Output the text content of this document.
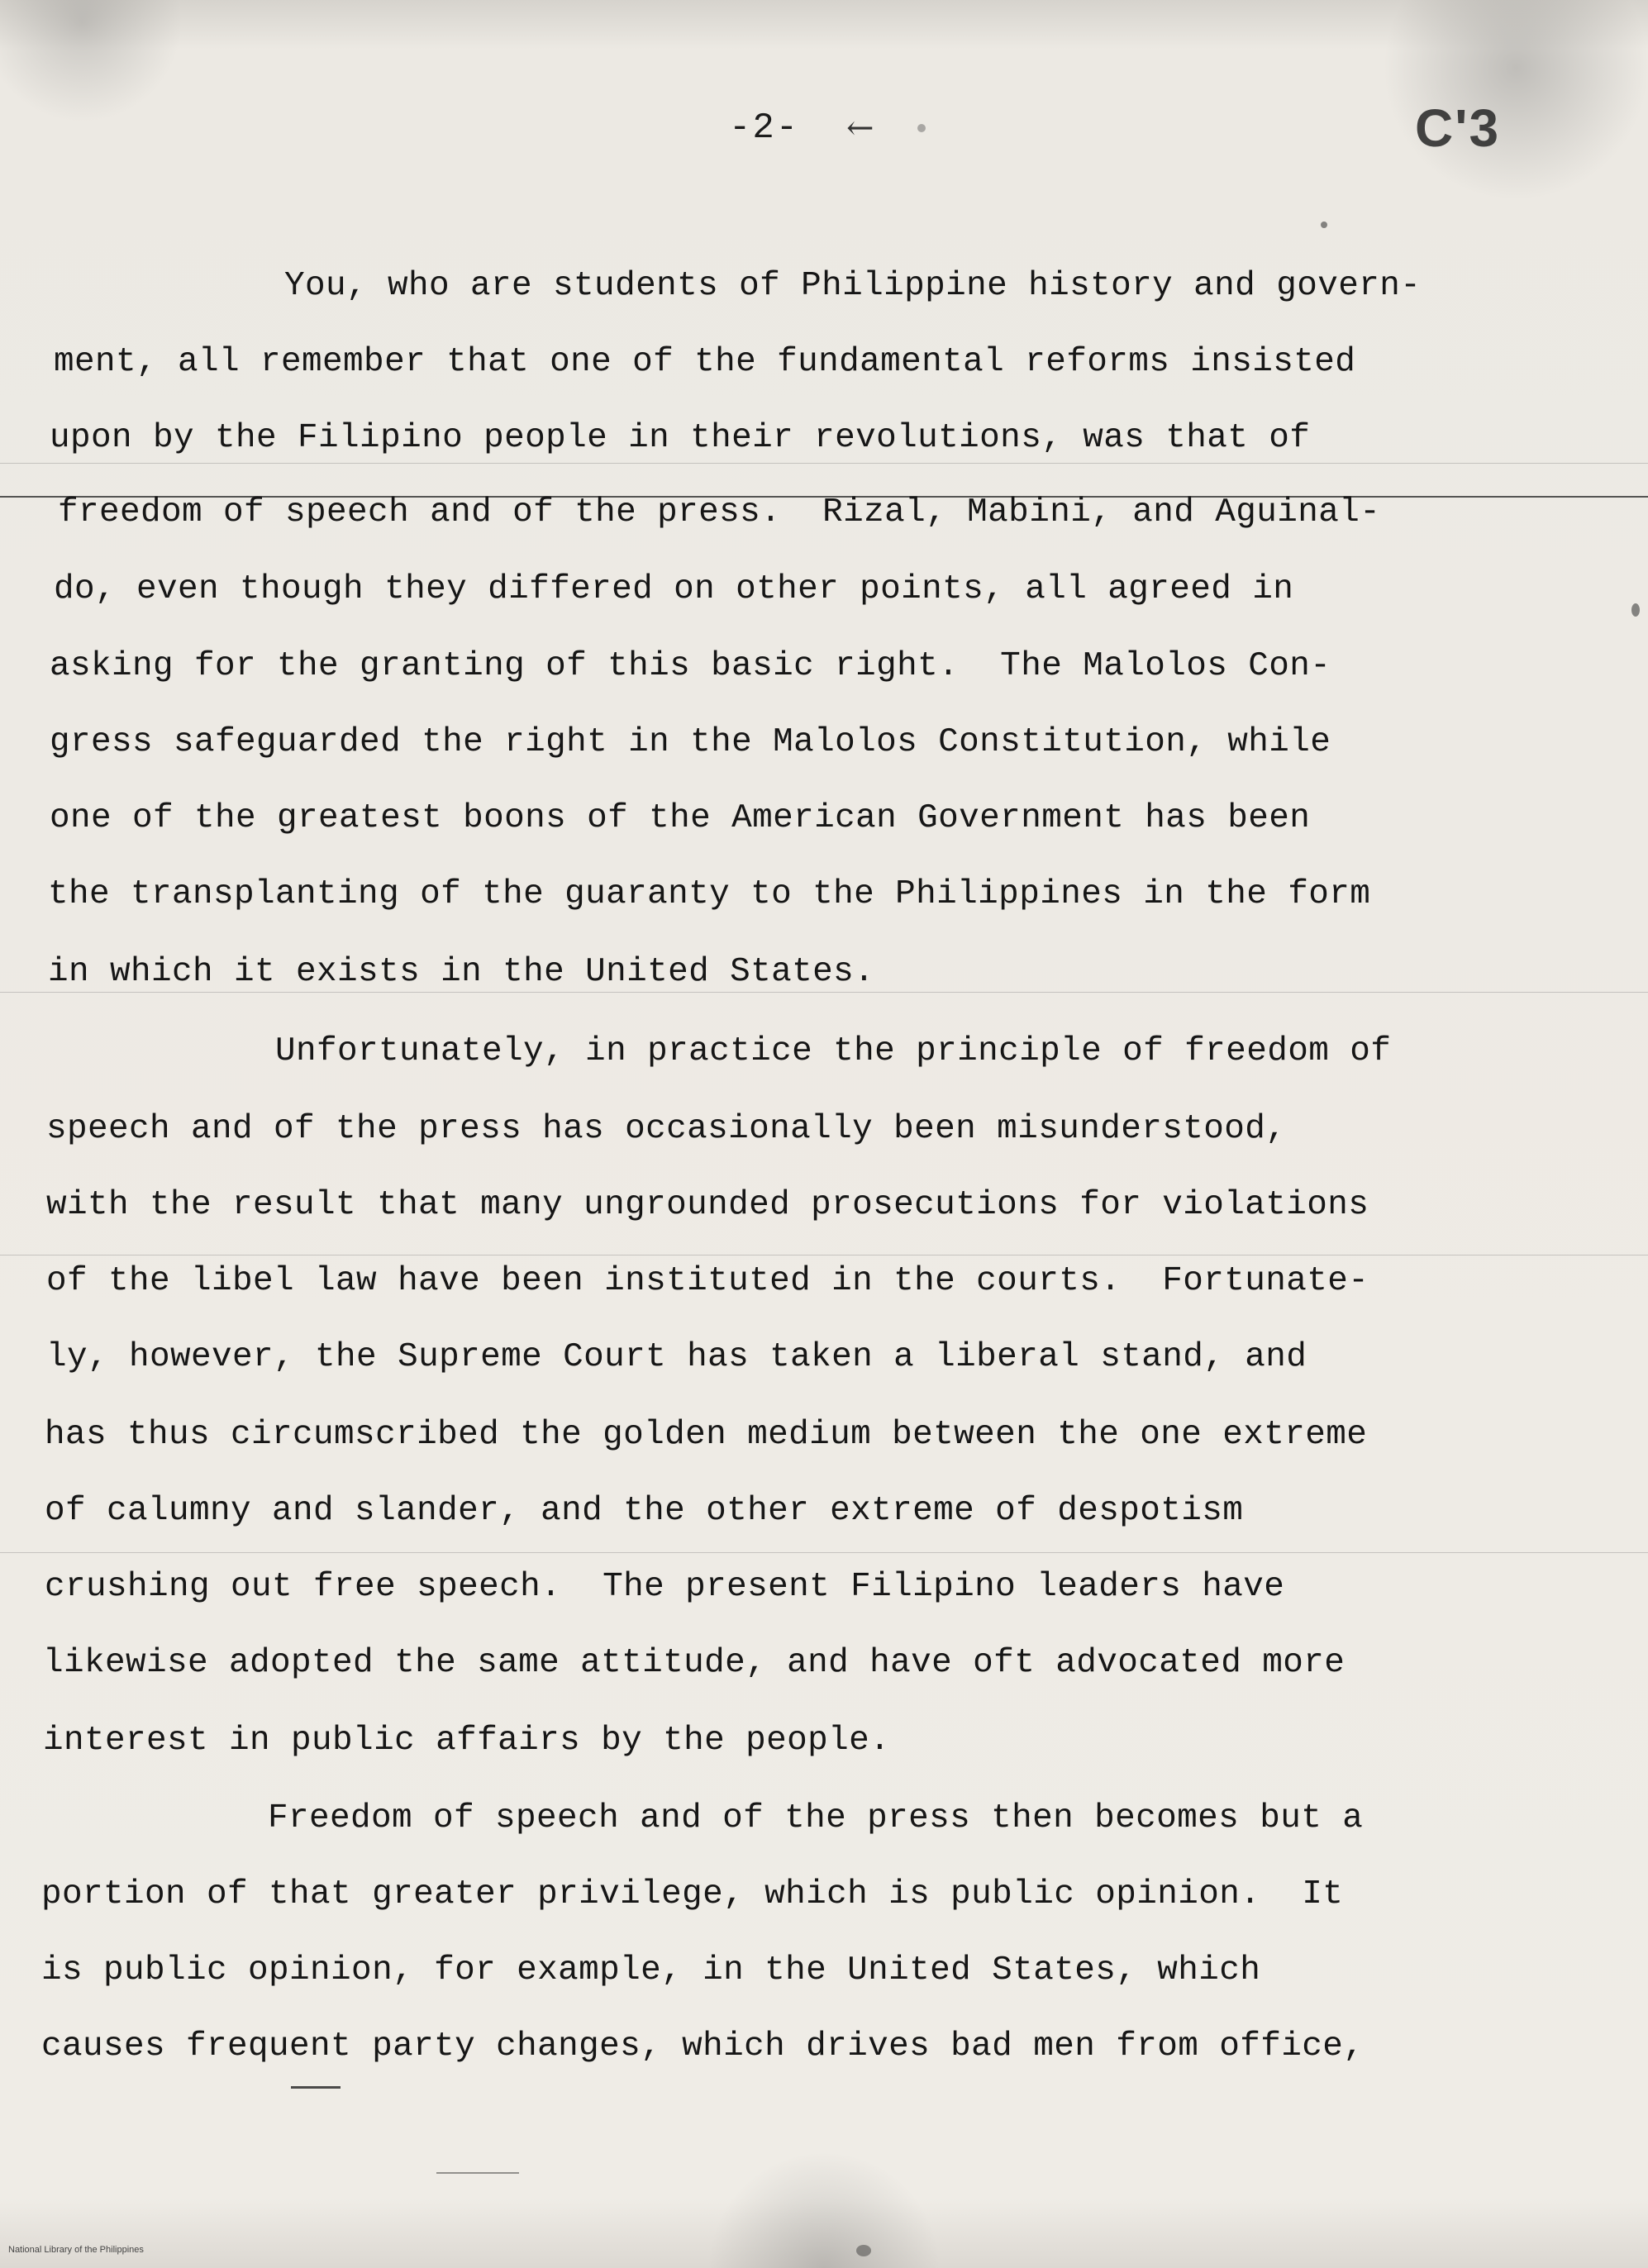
-2- ←	C'3
You, who are students of Philippine history and govern-
ment, all remember that one of the fundamental reforms insisted
upon by the Filipino people in their revolutions, was that of
freedom of speech and of the press.  Rizal, Mabini, and Aguinal-
do, even though they differed on other points, all agreed in
asking for the granting of this basic right.  The Malolos Con-
gress safeguarded the right in the Malolos Constitution, while
one of the greatest boons of the American Government has been
the transplanting of the guaranty to the Philippines in the form
in which it exists in the United States.
Unfortunately, in practice the principle of freedom of
speech and of the press has occasionally been misunderstood,
with the result that many ungrounded prosecutions for violations
of the libel law have been instituted in the courts.  Fortunate-
ly, however, the Supreme Court has taken a liberal stand, and
has thus circumscribed the golden medium between the one extreme
of calumny and slander, and the other extreme of despotism
crushing out free speech.  The present Filipino leaders have
likewise adopted the same attitude, and have oft advocated more
interest in public affairs by the people.
Freedom of speech and of the press then becomes but a
portion of that greater privilege, which is public opinion.  It
is public opinion, for example, in the United States, which
causes frequent party changes, which drives bad men from office,
National Library of the Philippines
